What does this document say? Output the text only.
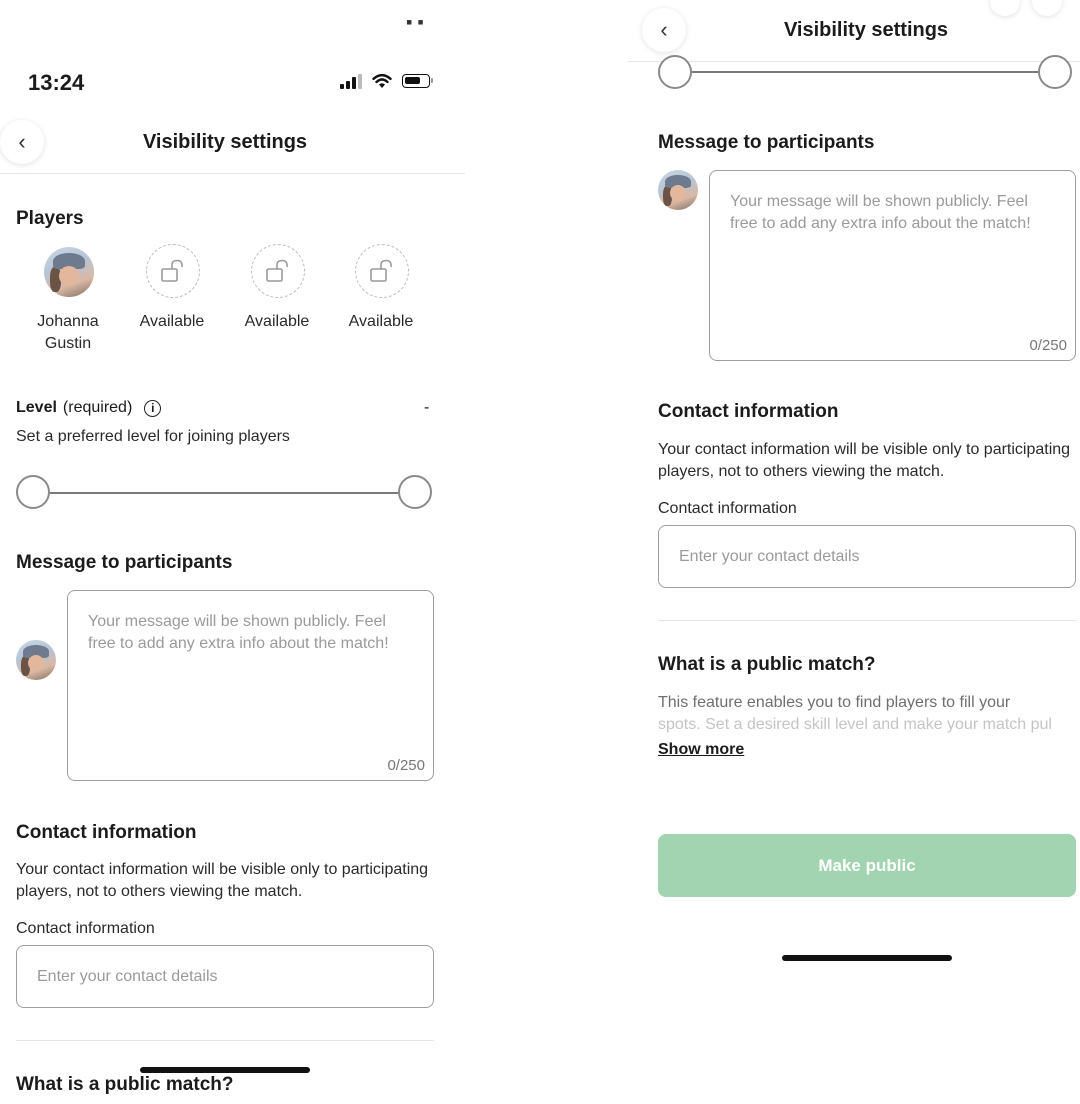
▪ ▪
13:24
‹	Visibility settings
Players
Johanna
Gustin
Available	Available	Available
Level (required)	i	-
Set a preferred level for joining players
Message to participants
Your message will be shown publicly. Feel free to add any extra info about the match!
0/250
Contact information
Your contact information will be visible only to participating players, not to others viewing the match.
Contact information
Enter your contact details
What is a public match?
‹	Visibility settings
Message to participants
Your message will be shown publicly. Feel free to add any extra info about the match!
0/250
Contact information
Your contact information will be visible only to participating players, not to others viewing the match.
Contact information
Enter your contact details
What is a public match?
This feature enables you to find players to fill your
spots. Set a desired skill level and make your match pul
Show more
Make public
